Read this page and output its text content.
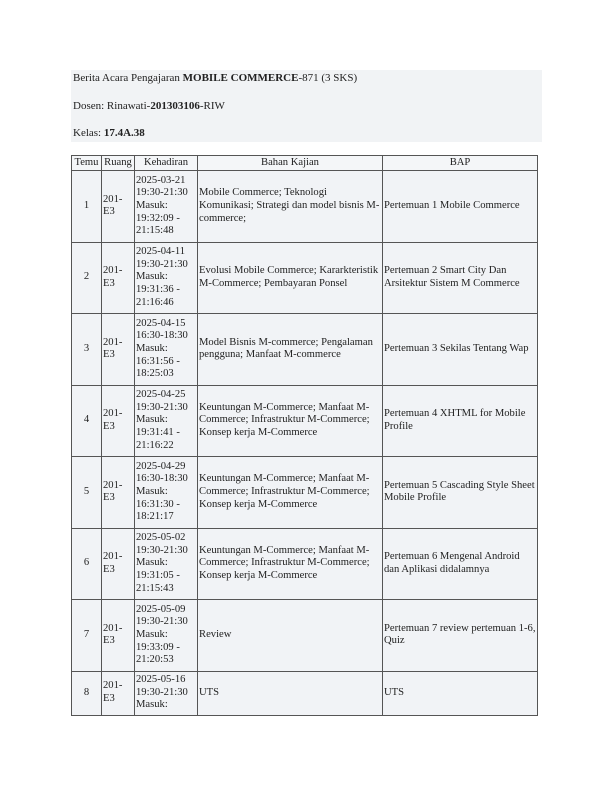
Berita Acara Pengajaran MOBILE COMMERCE-871 (3 SKS)
Dosen: Rinawati-201303106-RIW
Kelas: 17.4A.38
Temu	Ruang	Kehadiran	Bahan Kajian	BAP
1	201-E3	2025-03-21
19:30-21:30
Masuk:
19:32:09 -
21:15:48	Mobile Commerce; Teknologi Komunikasi; Strategi dan model bisnis M-commerce;	Pertemuan 1 Mobile Commerce
2	201-E3	2025-04-11
19:30-21:30
Masuk:
19:31:36 -
21:16:46	Evolusi Mobile Commerce; Kararkteristik M-Commerce; Pembayaran Ponsel	Pertemuan 2 Smart City Dan Arsitektur Sistem M Commerce
3	201-E3	2025-04-15
16:30-18:30
Masuk:
16:31:56 -
18:25:03	Model Bisnis M-commerce; Pengalaman pengguna; Manfaat M-commerce	Pertemuan 3 Sekilas Tentang Wap
4	201-E3	2025-04-25
19:30-21:30
Masuk:
19:31:41 -
21:16:22	Keuntungan M-Commerce; Manfaat M-Commerce; Infrastruktur M-Commerce; Konsep kerja M-Commerce	Pertemuan 4 XHTML for Mobile Profile
5	201-E3	2025-04-29
16:30-18:30
Masuk:
16:31:30 -
18:21:17	Keuntungan M-Commerce; Manfaat M-Commerce; Infrastruktur M-Commerce; Konsep kerja M-Commerce	Pertemuan 5 Cascading Style Sheet Mobile Profile
6	201-E3	2025-05-02
19:30-21:30
Masuk:
19:31:05 -
21:15:43	Keuntungan M-Commerce; Manfaat M-Commerce; Infrastruktur M-Commerce; Konsep kerja M-Commerce	Pertemuan 6 Mengenal Android dan Aplikasi didalamnya
7	201-E3	2025-05-09
19:30-21:30
Masuk:
19:33:09 -
21:20:53	Review	Pertemuan 7 review pertemuan 1-6, Quiz
8	201-E3	2025-05-16
19:30-21:30
Masuk:	UTS	UTS
